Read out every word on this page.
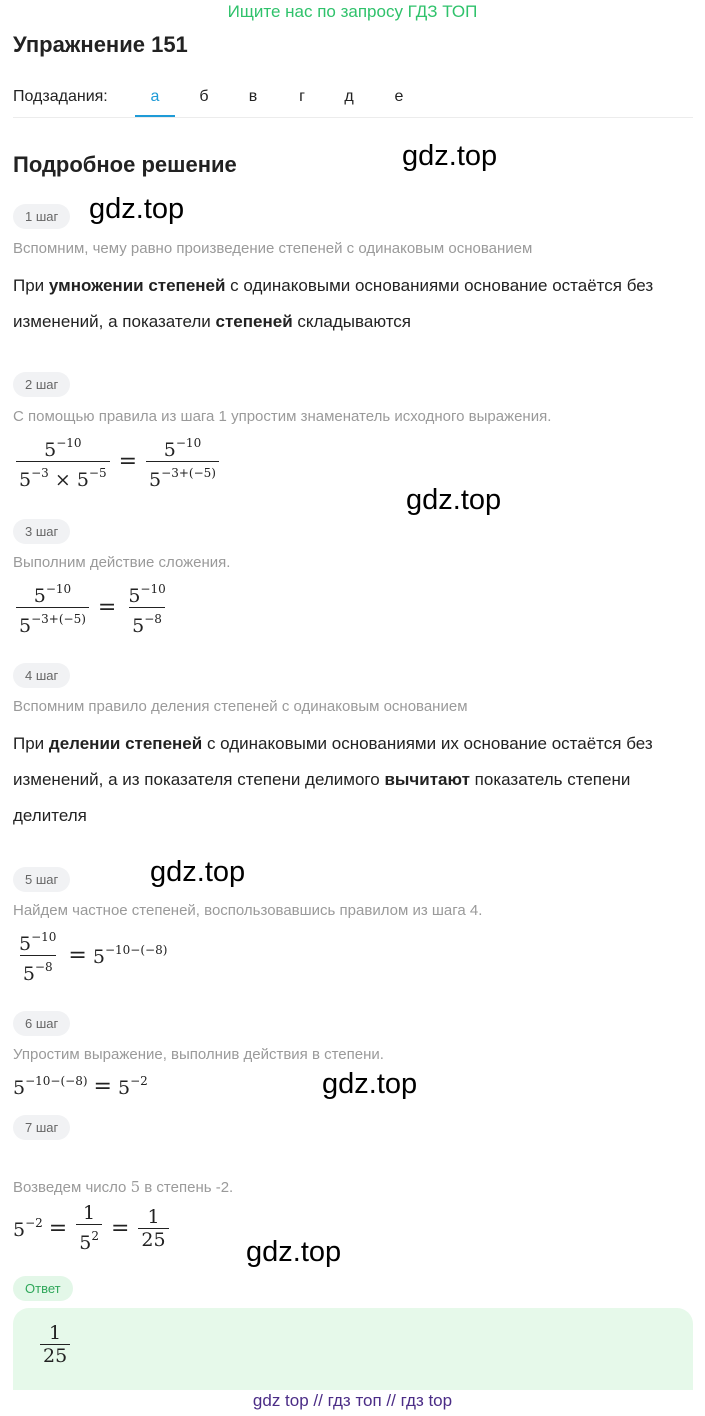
Ищите нас по запросу ГДЗ ТОП
Упражнение 151
Подзадания:	а	б	в	г	д	е
Подробное решение	gdz.top
gdz.top
gdz.top
gdz.top
gdz.top
gdz.top
1 шаг
Вспомним, чему равно произведение степеней с одинаковым основанием
При умножении степеней с одинаковыми основаниями основание остаётся без изменений, а показатели степеней складываются
2 шаг
С помощью правила из шага 1 упростим знаменатель исходного выражения.
$\frac{5^{-10}}{5^{-3} \times 5^{-5}} = \frac{5^{-10}}{5^{-3+(-5)}}$
3 шаг
Выполним действие сложения.
$\frac{5^{-10}}{5^{-3+(-5)}} = \frac{5^{-10}}{5^{-8}}$
4 шаг
Вспомним правило деления степеней с одинаковым основанием
При делении степеней с одинаковыми основаниями их основание остаётся без изменений, а из показателя степени делимого вычитают показатель степени делителя
5 шаг
Найдем частное степеней, воспользовавшись правилом из шага 4.
$\frac{5^{-10}}{5^{-8}} = 5^{-10-(-8)}$
6 шаг
Упростим выражение, выполнив действия в степени.
$5^{-10-(-8)} = 5^{-2}$
7 шаг
Возведем число 5 в степень -2.
$5^{-2} = \frac{1}{5^2} = \frac{1}{25}$
Ответ
$\frac{1}{25}$
gdz top // гдз топ // гдз top
